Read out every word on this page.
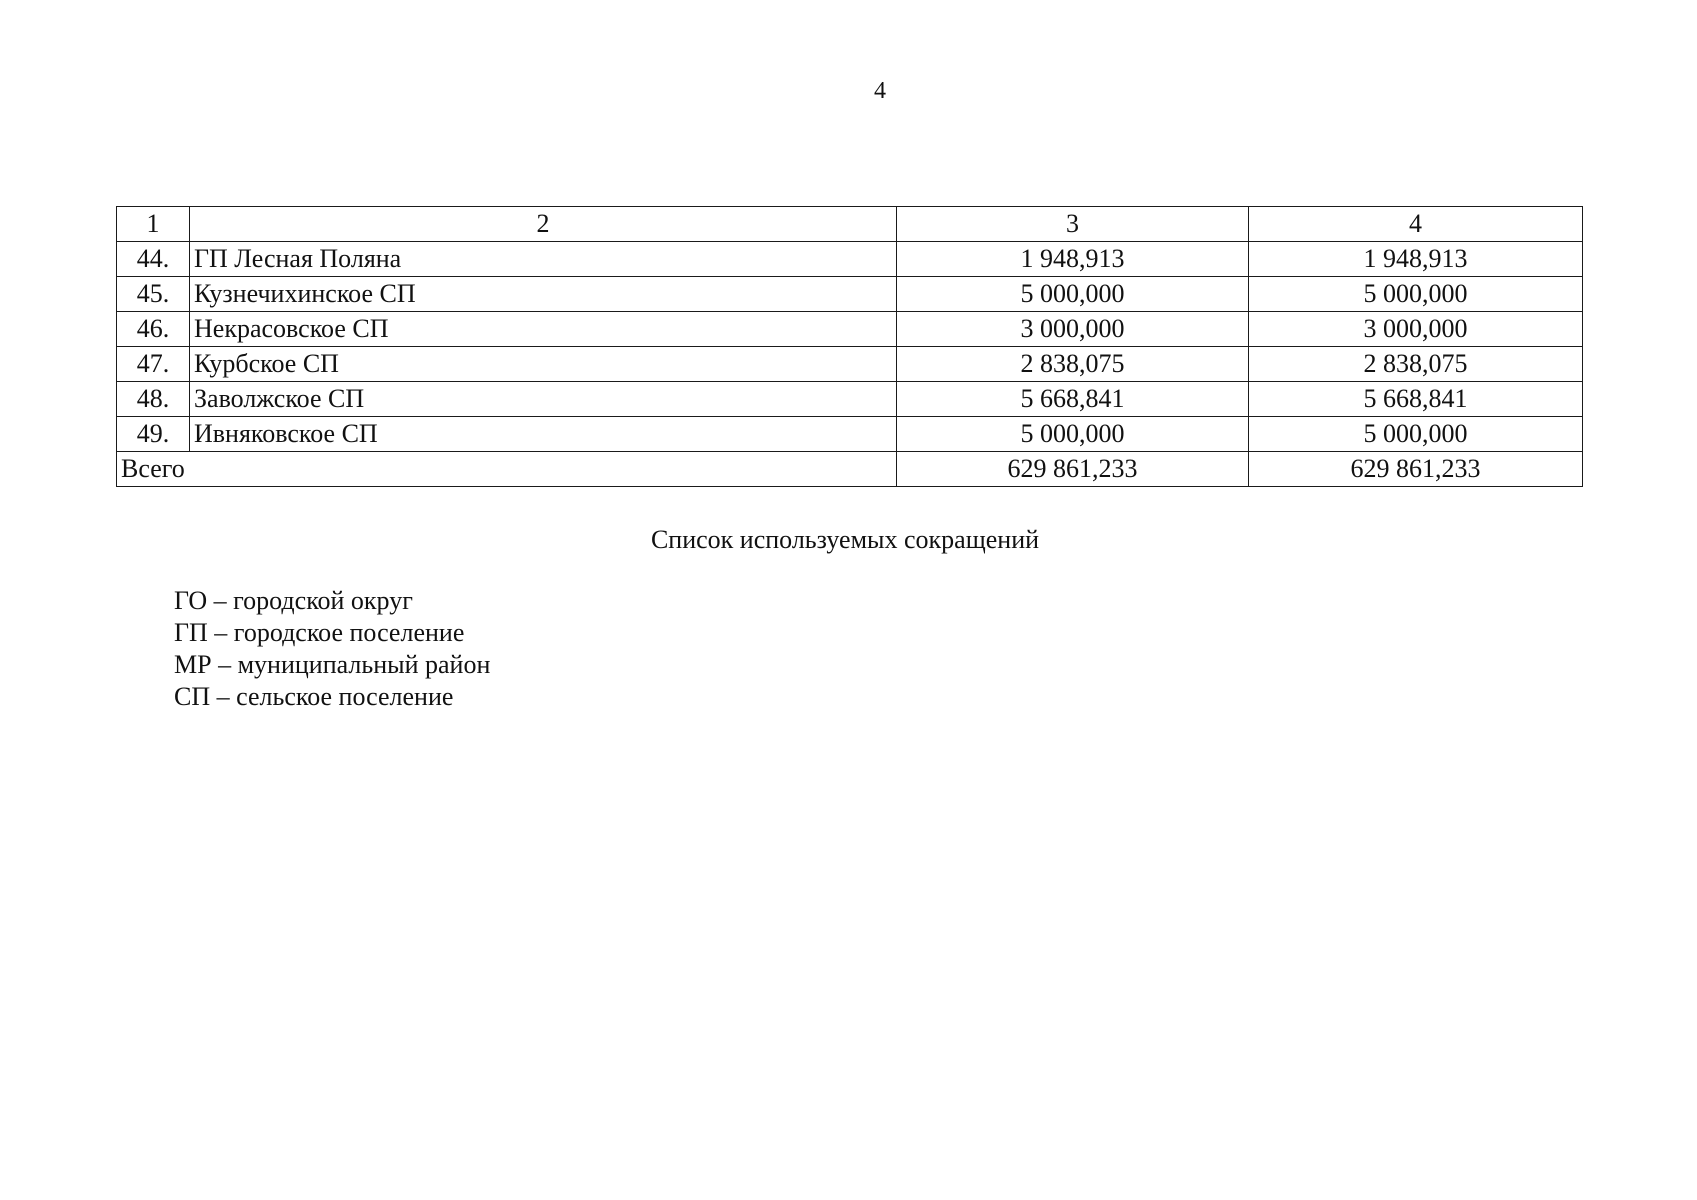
4
1	2	3	4
44.	ГП Лесная Поляна	1 948,913	1 948,913
45.	Кузнечихинское СП	5 000,000	5 000,000
46.	Некрасовское СП	3 000,000	3 000,000
47.	Курбское СП	2 838,075	2 838,075
48.	Заволжское СП	5 668,841	5 668,841
49.	Ивняковское СП	5 000,000	5 000,000
Всего		629 861,233	629 861,233
Список используемых сокращений
ГО – городской округ
ГП – городское поселение
МР – муниципальный район
СП – сельское поселение
